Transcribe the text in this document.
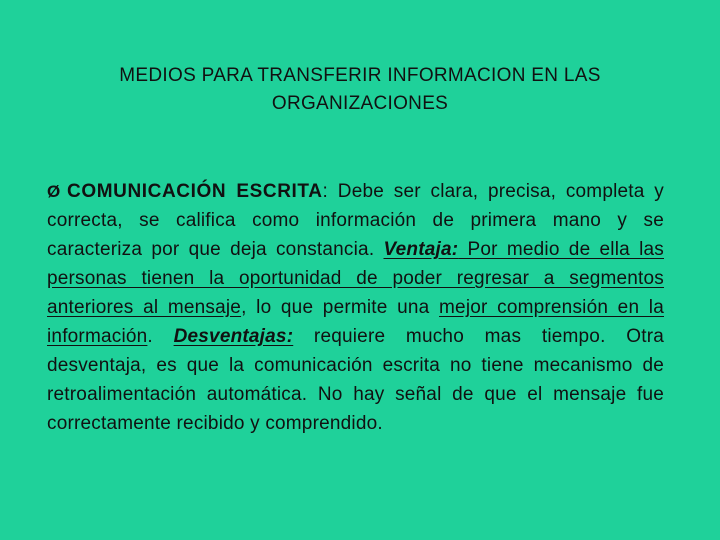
MEDIOS PARA TRANSFERIR INFORMACION EN LAS
ORGANIZACIONES
Ø COMUNICACIÓN ESCRITA: Debe ser clara, precisa, completa y correcta, se califica como información de primera mano y se caracteriza por que deja constancia. Ventaja: Por medio de ella las personas tienen la oportunidad de poder regresar a segmentos anteriores al mensaje, lo que permite una mejor comprensión en la información. Desventajas: requiere mucho mas tiempo. Otra desventaja, es que la comunicación escrita no tiene mecanismo de retroalimentación automática. No hay señal de que el mensaje fue correctamente recibido y comprendido.
